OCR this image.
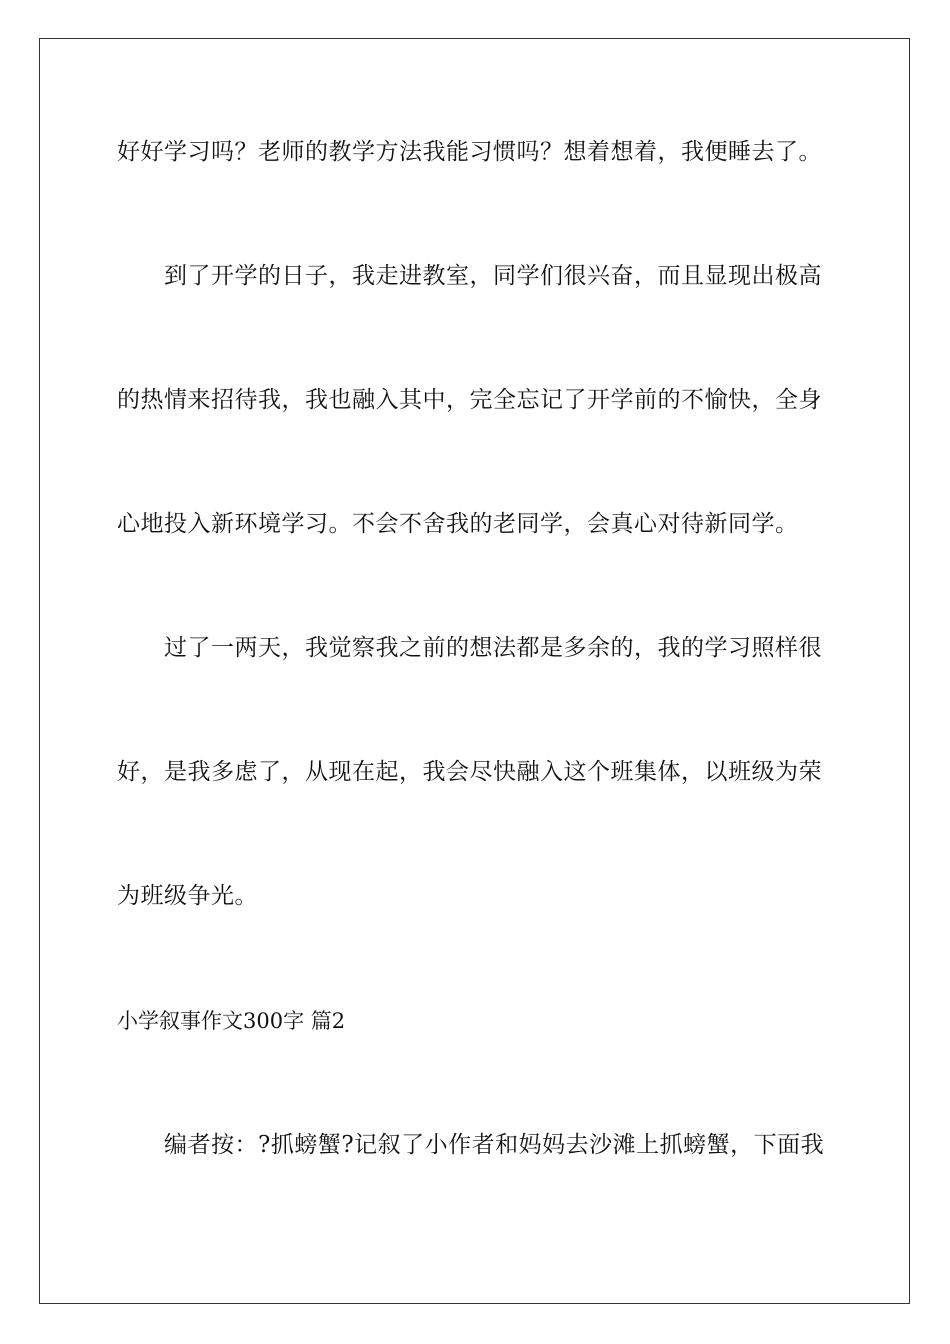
好好学习吗？老师的教学方法我能习惯吗？想着想着，我便睡去了。
到了开学的日子，我走进教室，同学们很兴奋，而且显现出极高
的热情来招待我，我也融入其中，完全忘记了开学前的不愉快，全身
心地投入新环境学习。不会不舍我的老同学，会真心对待新同学。
过了一两天，我觉察我之前的想法都是多余的，我的学习照样很
好，是我多虑了，从现在起，我会尽快融入这个班集体，以班级为荣
为班级争光。
小学叙事作文300字 篇2
编者按：?抓螃蟹?记叙了小作者和妈妈去沙滩上抓螃蟹，下面我
